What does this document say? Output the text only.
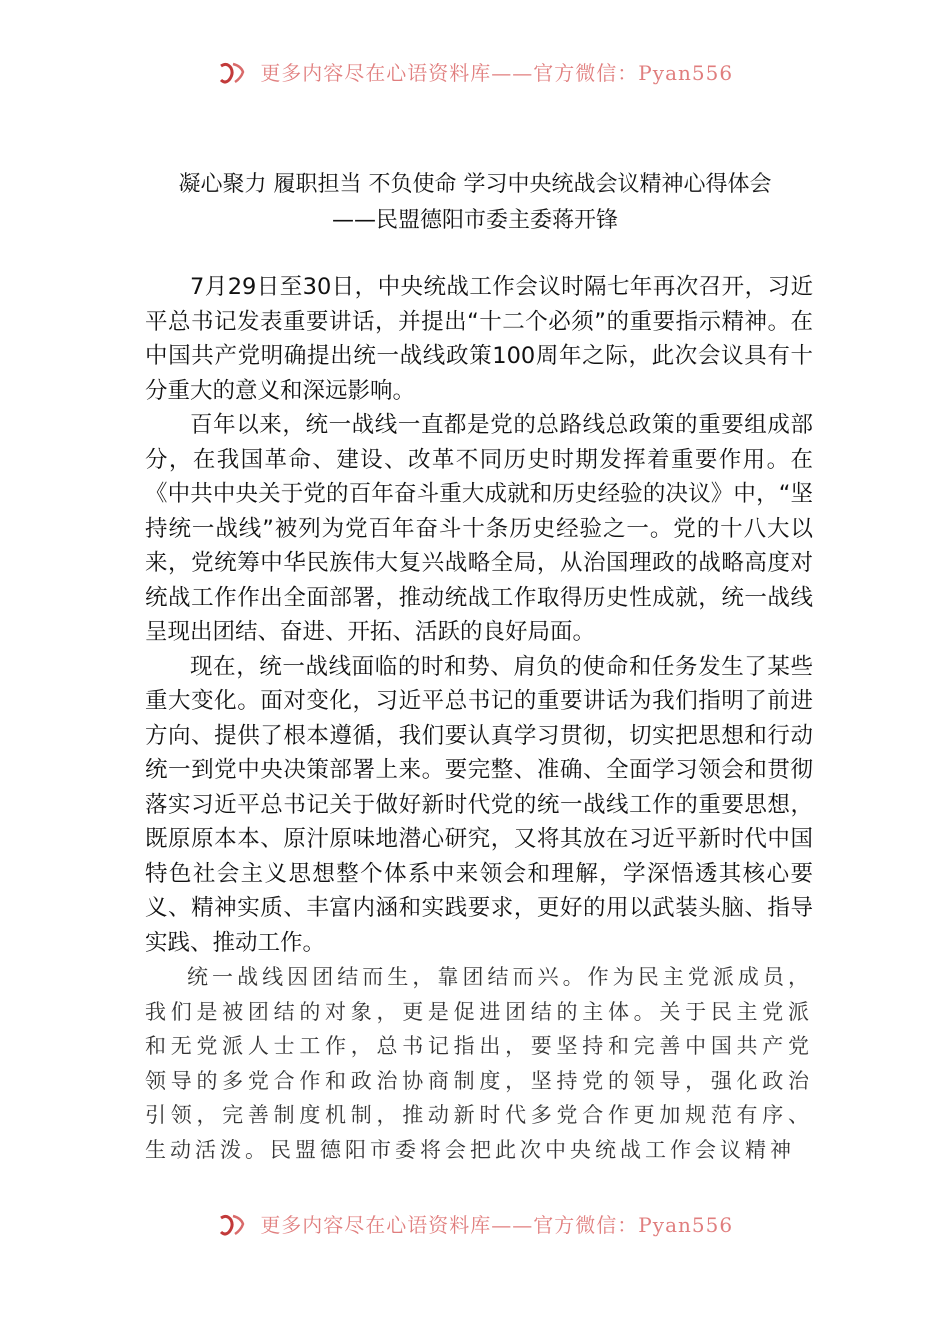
更多内容尽在心语资料库——官方微信：Pyan556
凝心聚力 履职担当 不负使命 学习中央统战会议精神心得体会
——民盟德阳市委主委蒋开锋

7月29日至30日，中央统战工作会议时隔七年再次召开，习近平总书记发表重要讲话，并提出“十二个必须”的重要指示精神。在中国共产党明确提出统一战线政策100周年之际，此次会议具有十分重大的意义和深远影响。

百年以来，统一战线一直都是党的总路线总政策的重要组成部分，在我国革命、建设、改革不同历史时期发挥着重要作用。在《中共中央关于党的百年奋斗重大成就和历史经验的决议》中，“坚持统一战线”被列为党百年奋斗十条历史经验之一。党的十八大以来，党统筹中华民族伟大复兴战略全局，从治国理政的战略高度对统战工作作出全面部署，推动统战工作取得历史性成就，统一战线呈现出团结、奋进、开拓、活跃的良好局面。

现在，统一战线面临的时和势、肩负的使命和任务发生了某些重大变化。面对变化，习近平总书记的重要讲话为我们指明了前进方向、提供了根本遵循，我们要认真学习贯彻，切实把思想和行动统一到党中央决策部署上来。要完整、准确、全面学习领会和贯彻落实习近平总书记关于做好新时代党的统一战线工作的重要思想，既原原本本、原汁原味地潜心研究，又将其放在习近平新时代中国特色社会主义思想整个体系中来领会和理解，学深悟透其核心要义、精神实质、丰富内涵和实践要求，更好的用以武装头脑、指导实践、推动工作。

统一战线因团结而生，靠团结而兴。作为民主党派成员，我们是被团结的对象，更是促进团结的主体。关于民主党派和无党派人士工作，总书记指出，要坚持和完善中国共产党领导的多党合作和政治协商制度，坚持党的领导，强化政治引领，完善制度机制，推动新时代多党合作更加规范有序、生动活泼。民盟德阳市委将会把此次中央统战工作会议精神

更多内容尽在心语资料库——官方微信：Pyan556
